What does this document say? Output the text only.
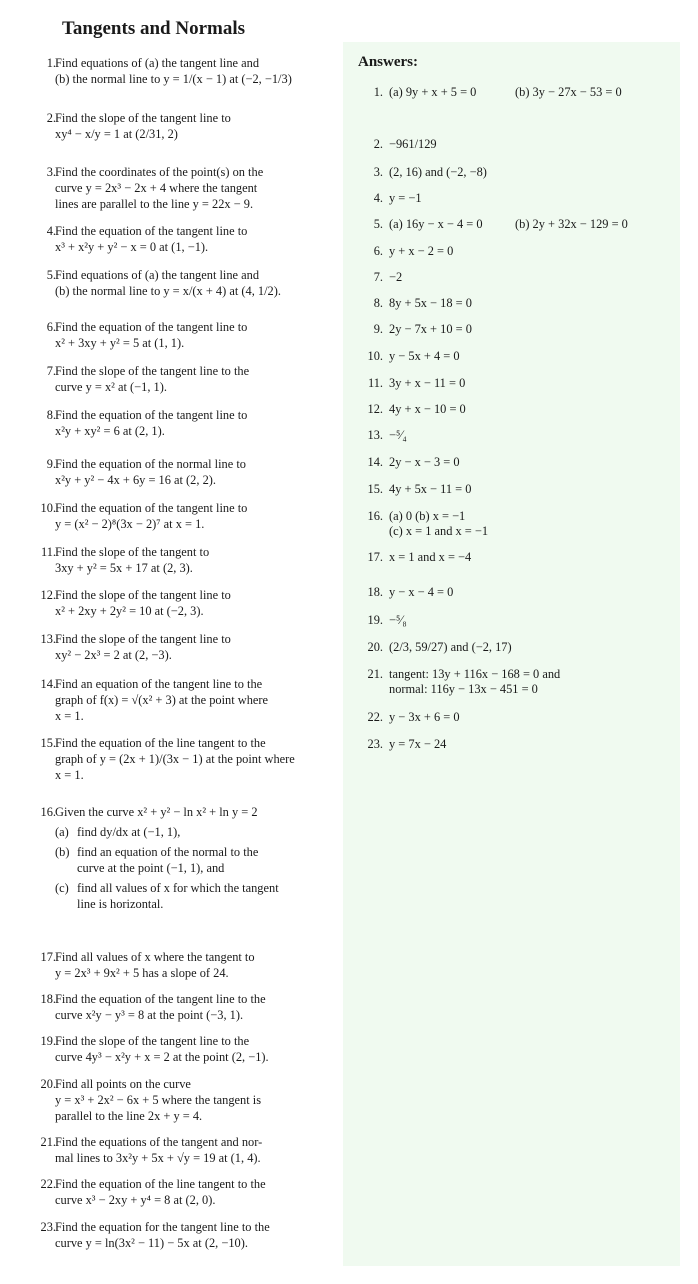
Tangents and Normals
Answers:
1. Find equations of (a) the tangent line and
(b) the normal line to y = 1/(x − 1) at (−2, −1/3)
2. Find the slope of the tangent line to
xy⁴ − x/y = 1 at (2/31, 2)
3. Find the coordinates of the point(s) on the
curve y = 2x³ − 2x + 4 where the tangent
lines are parallel to the line y = 22x − 9.
4. Find the equation of the tangent line to
x³ + x²y + y² − x = 0 at (1, −1).
5. Find equations of (a) the tangent line and
(b) the normal line to y = x/(x + 4) at (4, 1/2).
6. Find the equation of the tangent line to
x² + 3xy + y² = 5 at (1, 1).
7. Find the slope of the tangent line to the
curve y = x² at (−1, 1).
8. Find the equation of the tangent line to
x²y + xy² = 6 at (2, 1).
9. Find the equation of the normal line to
x²y + y² − 4x + 6y = 16 at (2, 2).
10. Find the equation of the tangent line to
y = (x² − 2)⁸(3x − 2)⁷ at x = 1.
11. Find the slope of the tangent to
3xy + y² = 5x + 17 at (2, 3).
12. Find the slope of the tangent line to
x² + 2xy + 2y² = 10 at (−2, 3).
13. Find the slope of the tangent line to
xy² − 2x³ = 2 at (2, −3).
14. Find an equation of the tangent line to the
graph of f(x) = √(x² + 3) at the point where
x = 1.
15. Find the equation of the line tangent to the
graph of y = (2x + 1)/(3x − 1) at the point where
x = 1.
16. Given the curve x² + y² − ln x² + ln y = 2
(a) find dy/dx at (−1, 1),
(b) find an equation of the normal to the
curve at the point (−1, 1), and
(c) find all values of x for which the tangent
line is horizontal.
17. Find all values of x where the tangent to
y = 2x³ + 9x² + 5 has a slope of 24.
18. Find the equation of the tangent line to the
curve x²y − y³ = 8 at the point (−3, 1).
19. Find the slope of the tangent line to the
curve 4y³ − x²y + x = 2 at the point (2, −1).
20. Find all points on the curve
y = x³ + 2x² − 6x + 5 where the tangent is
parallel to the line 2x + y = 4.
21. Find the equations of the tangent and nor-
mal lines to 3x²y + 5x + √y = 19 at (1, 4).
22. Find the equation of the line tangent to the
curve x³ − 2xy + y⁴ = 8 at (2, 0).
23. Find the equation for the tangent line to the
curve y = ln(3x² − 11) − 5x at (2, −10).
1. (a) 9y + x + 5 = 0	(b) 3y − 27x − 53 = 0
2. −961/129
3. (2, 16) and (−2, −8)
4. y = −1
5. (a) 16y − x − 4 = 0	(b) 2y + 32x − 129 = 0
6. y + x − 2 = 0
7. −2
8. 8y + 5x − 18 = 0
9. 2y − 7x + 10 = 0
10. y − 5x + 4 = 0
11. 3y + x − 11 = 0
12. 4y + x − 10 = 0
13. −⁵⁄₄
14. 2y − x − 3 = 0
15. 4y + 5x − 11 = 0
16. (a) 0 (b) x = −1
(c) x = 1 and x = −1
17. x = 1 and x = −4
18. y − x − 4 = 0
19. −⁵⁄₈
20. (2/3, 59/27) and (−2, 17)
21. tangent: 13y + 116x − 168 = 0 and
normal: 116y − 13x − 451 = 0
22. y − 3x + 6 = 0
23. y = 7x − 24
